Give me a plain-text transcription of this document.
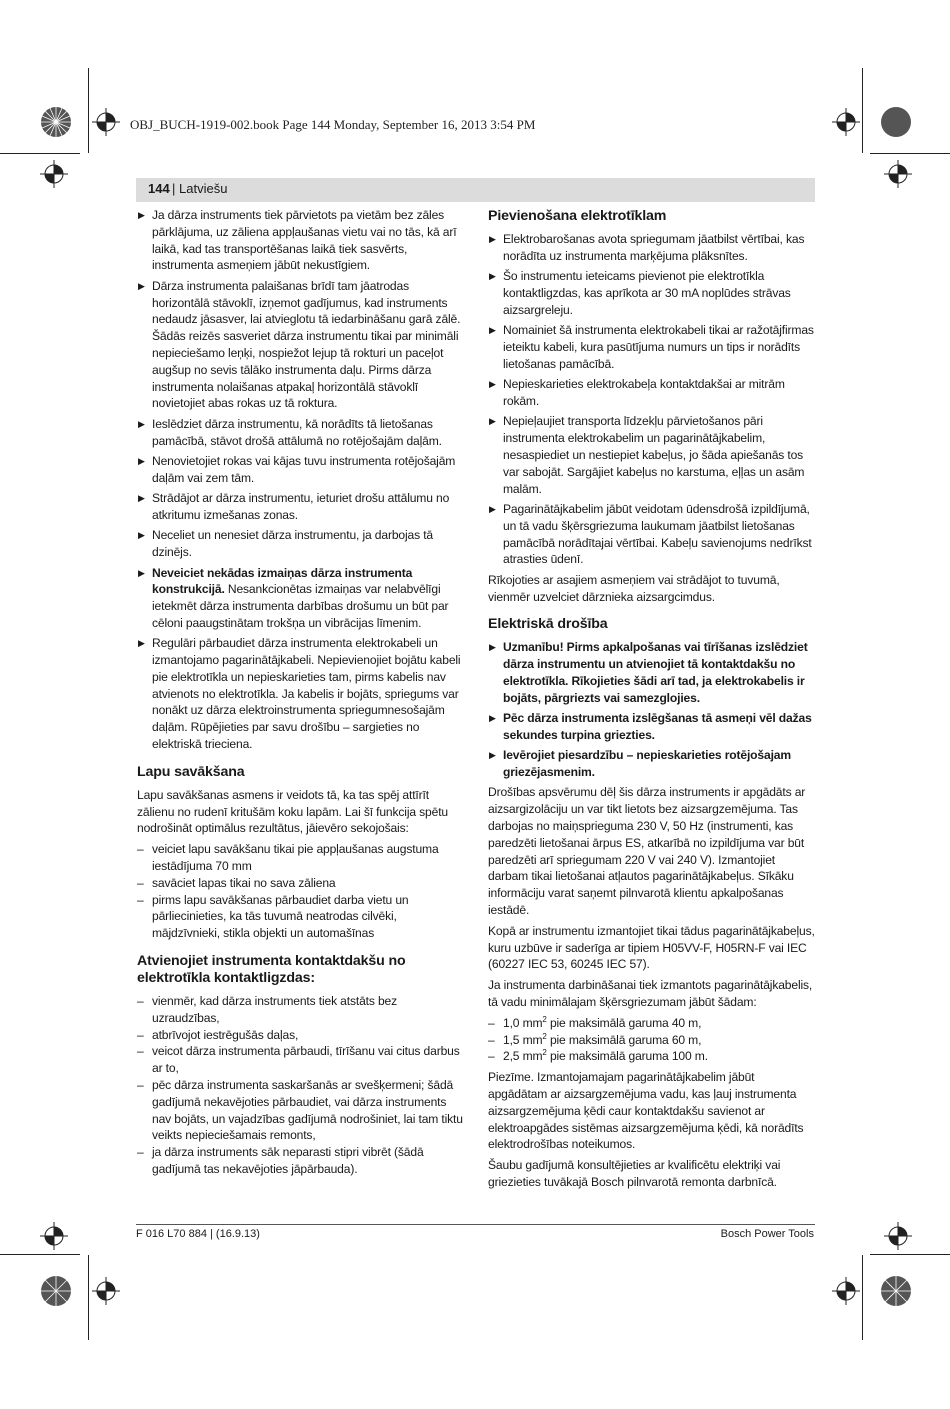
OBJ_BUCH-1919-002.book Page 144 Monday, September 16, 2013 3:54 PM
144 | Latviešu
▶ Ja dārza instruments tiek pārvietots pa vietām bez zāles pārklājuma, uz zāliena appļaušanas vietu vai no tās, kā arī laikā, kad tas transportēšanas laikā tiek sasvērts, instrumenta asmeņiem jābūt nekustīgiem.
▶ Dārza instrumenta palaišanas brīdī tam jāatrodas horizontālā stāvoklī, izņemot gadījumus, kad instruments nedaudz jāsasver, lai atvieglotu tā iedarbināšanu garā zālē. Šādās reizēs sasveriet dārza instrumentu tikai par minimāli nepieciešamo leņķi, nospiežot lejup tā rokturi un paceļot augšup no sevis tālāko instrumenta daļu. Pirms dārza instrumenta nolaišanas atpakaļ horizontālā stāvoklī novietojiet abas rokas uz tā roktura.
▶ Ieslēdziet dārza instrumentu, kā norādīts tā lietošanas pamācībā, stāvot drošā attālumā no rotējošajām daļām.
▶ Nenovietojiet rokas vai kājas tuvu instrumenta rotējošajām daļām vai zem tām.
▶ Strādājot ar dārza instrumentu, ieturiet drošu attālumu no atkritumu izmešanas zonas.
▶ Neceliet un nenesiet dārza instrumentu, ja darbojas tā dzinējs.
▶ Neveiciet nekādas izmaiņas dārza instrumenta konstrukcijā. Nesankcionētas izmaiņas var nelabvēlīgi ietekmēt dārza instrumenta darbības drošumu un būt par cēloni paaugstinātam trokšņa un vibrācijas līmenim.
▶ Regulāri pārbaudiet dārza instrumenta elektrokabeli un izmantojamo pagarinātājkabeli. Nepievienojiet bojātu kabeli pie elektrotīkla un nepieskarieties tam, pirms kabelis nav atvienots no elektrotīkla. Ja kabelis ir bojāts, spriegums var nonākt uz dārza elektroinstrumenta spriegumnesošajām daļām. Rūpējieties par savu drošību – sargieties no elektriskā trieciena.
Lapu savākšana
Lapu savākšanas asmens ir veidots tā, ka tas spēj attīrīt zālienu no rudenī kritušām koku lapām. Lai šī funkcija spētu nodrošināt optimālus rezultātus, jāievēro sekojošais:
– veiciet lapu savākšanu tikai pie appļaušanas augstuma iestādījuma 70 mm
– savāciet lapas tikai no sava zāliena
– pirms lapu savākšanas pārbaudiet darba vietu un pārliecinieties, ka tās tuvumā neatrodas cilvēki, mājdzīvnieki, stikla objekti un automašīnas
Atvienojiet instrumenta kontaktdakšu no elektrotīkla kontaktligzdas:
– vienmēr, kad dārza instruments tiek atstāts bez uzraudzības,
– atbrīvojot iestrēgušās daļas,
– veicot dārza instrumenta pārbaudi, tīrīšanu vai citus darbus ar to,
– pēc dārza instrumenta saskaršanās ar svešķermeni; šādā gadījumā nekavējoties pārbaudiet, vai dārza instruments nav bojāts, un vajadzības gadījumā nodrošiniet, lai tam tiktu veikts nepieciešamais remonts,
– ja dārza instruments sāk neparasti stipri vibrēt (šādā gadījumā tas nekavējoties jāpārbauda).
Pievienošana elektrotīklam
▶ Elektrobarošanas avota spriegumam jāatbilst vērtībai, kas norādīta uz instrumenta marķējuma plāksnītes.
▶ Šo instrumentu ieteicams pievienot pie elektrotīkla kontaktligzdas, kas aprīkota ar 30 mA noplūdes strāvas aizsargreleju.
▶ Nomainiet šā instrumenta elektrokabeli tikai ar ražotājfirmas ieteiktu kabeli, kura pasūtījuma numurs un tips ir norādīts lietošanas pamācībā.
▶ Nepieskarieties elektrokabeļa kontaktdakšai ar mitrām rokām.
▶ Nepieļaujiet transporta līdzekļu pārvietošanos pāri instrumenta elektrokabelim un pagarinātājkabelim, nesaspiediet un nestiepiet kabeļus, jo šāda apiešanās tos var sabojāt. Sargājiet kabeļus no karstuma, eļļas un asām malām.
▶ Pagarinātājkabelim jābūt veidotam ūdensdrošā izpildījumā, un tā vadu šķērsgriezuma laukumam jāatbilst lietošanas pamācībā norādītajai vērtībai. Kabeļu savienojums nedrīkst atrasties ūdenī.
Rīkojoties ar asajiem asmeņiem vai strādājot to tuvumā, vienmēr uzvelciet dārznieka aizsargcimdus.
Elektriskā drošība
▶ Uzmanību! Pirms apkalpošanas vai tīrīšanas izslēdziet dārza instrumentu un atvienojiet tā kontaktdakšu no elektrotīkla. Rīkojieties šādi arī tad, ja elektrokabelis ir bojāts, pārgriezts vai samezglojies.
▶ Pēc dārza instrumenta izslēgšanas tā asmeņi vēl dažas sekundes turpina griezties.
▶ Ievērojiet piesardzību – nepieskarieties rotējošajam griezējasmenim.
Drošības apsvērumu dēļ šis dārza instruments ir apgādāts ar aizsargizolāciju un var tikt lietots bez aizsargzemējuma. Tas darbojas no maiņsprieguma 230 V, 50 Hz (instrumenti, kas paredzēti lietošanai ārpus ES, atkarībā no izpildījuma var būt paredzēti arī spriegumam 220 V vai 240 V). Izmantojiet darbam tikai lietošanai atļautos pagarinātājkabeļus. Sīkāku informāciju varat saņemt pilnvarotā klientu apkalpošanas iestādē.
Kopā ar instrumentu izmantojiet tikai tādus pagarinātājkabeļus, kuru uzbūve ir saderīga ar tipiem H05VV-F, H05RN-F vai IEC (60227 IEC 53, 60245 IEC 57).
Ja instrumenta darbināšanai tiek izmantots pagarinātājkabelis, tā vadu minimālajam šķērsgriezumam jābūt šādam:
– 1,0 $mm^2$ pie maksimālā garuma 40 m,
– 1,5 $mm^2$ pie maksimālā garuma 60 m,
– 2,5 $mm^2$ pie maksimālā garuma 100 m.
Piezīme. Izmantojamajam pagarinātājkabelim jābūt apgādātam ar aizsargzemējuma vadu, kas ļauj instrumenta aizsargzemējuma ķēdi caur kontaktdakšu savienot ar elektroapgādes sistēmas aizsargzemējuma ķēdi, kā norādīts elektrodrošības noteikumos.
Šaubu gadījumā konsultējieties ar kvalificētu elektriķi vai griezieties tuvākajā Bosch pilnvarotā remonta darbnīcā.
F 016 L70 884 | (16.9.13)	Bosch Power Tools
